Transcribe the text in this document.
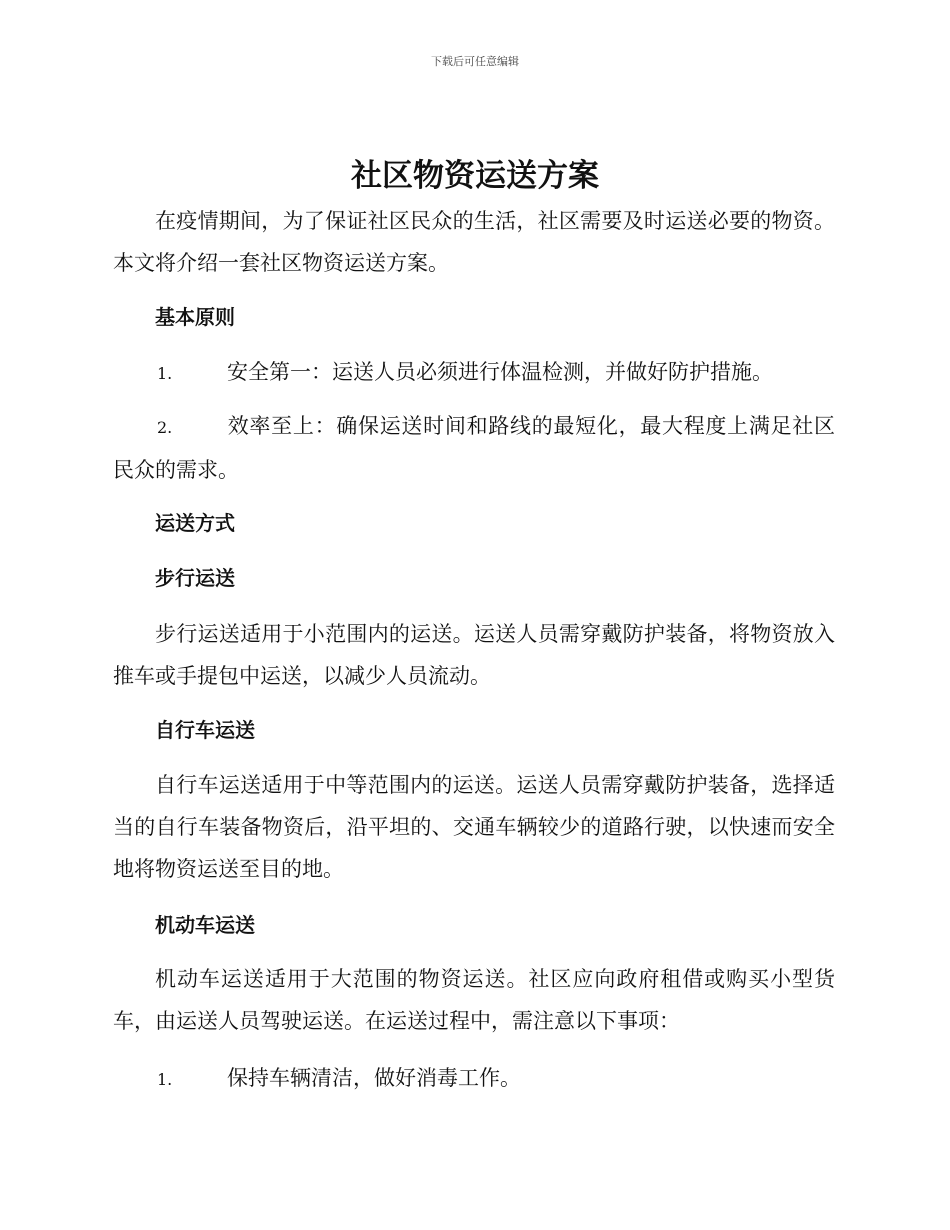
下载后可任意编辑
社区物资运送方案

在疫情期间，为了保证社区民众的生活，社区需要及时运送必要的物资。本文将介绍一套社区物资运送方案。

基本原则

1.	安全第一：运送人员必须进行体温检测，并做好防护措施。

2.	效率至上：确保运送时间和路线的最短化，最大程度上满足社区民众的需求。

运送方式

步行运送

步行运送适用于小范围内的运送。运送人员需穿戴防护装备，将物资放入推车或手提包中运送，以减少人员流动。

自行车运送

自行车运送适用于中等范围内的运送。运送人员需穿戴防护装备，选择适当的自行车装备物资后，沿平坦的、交通车辆较少的道路行驶，以快速而安全地将物资运送至目的地。

机动车运送

机动车运送适用于大范围的物资运送。社区应向政府租借或购买小型货车，由运送人员驾驶运送。在运送过程中，需注意以下事项：

1.	保持车辆清洁，做好消毒工作。
